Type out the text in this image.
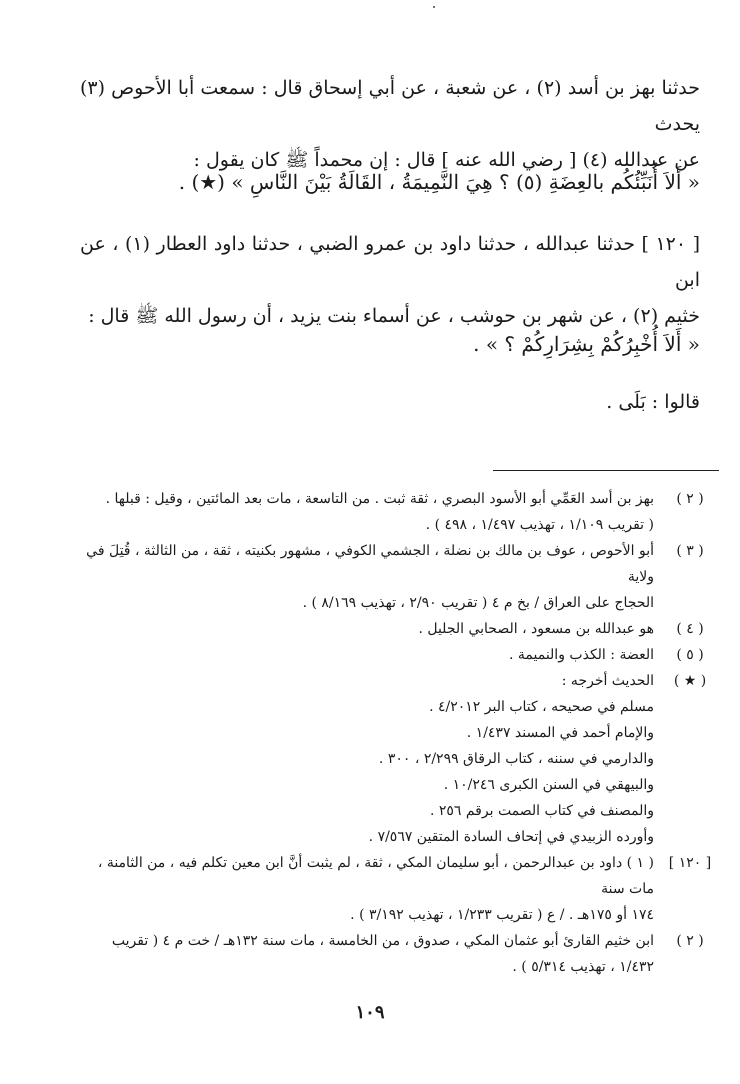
حدثنا بهز بن أسد (٢) ، عن شعبة ، عن أبي إسحاق قال : سمعت أبا الأحوص (٣) يحدث

عن عبدالله (٤) [ رضي الله عنه ] قال : إن محمداً ﷺ كان يقول :

« أَلاَ أُنَبِّئُكُم بالعِضَةِ (٥) ؟ هِيَ النَّمِيمَةُ ، القَالَةُ بَيْنَ النَّاسِ » (★) .

[ ١٢٠ ] حدثنا عبدالله ، حدثنا داود بن عمرو الضبي ، حدثنا داود العطار (١) ، عن ابن

خثيم (٢) ، عن شهر بن حوشب ، عن أسماء بنت يزيد ، أن رسول الله ﷺ قال :

« أَلاَ أُخْبِرُكُمْ بِشِرَارِكُمْ ؟ » .

قالوا : بَلَى .

( ٢ )
بهز بن أسد العَمِّي أبو الأسود البصري ، ثقة ثبت . من التاسعة ، مات بعد المائتين ، وقيل : قبلها .
( تقريب ١/١٠٩ ، تهذيب ١/٤٩٧ ، ٤٩٨ ) .
( ٣ )
أبو الأحوص ، عوف بن مالك بن نضلة ، الجشمي الكوفي ، مشهور بكنيته ، ثقة ، من الثالثة ، قُتِلَ في ولاية
الحجاج على العراق / بخ م ٤ ( تقريب ٢/٩٠ ، تهذيب ٨/١٦٩ ) .
( ٤ )
هو عبدالله بن مسعود ، الصحابي الجليل .
( ٥ )
العضة : الكذب والنميمة .
( ★ )
الحديث أخرجه :
مسلم في صحيحه ، كتاب البر ٤/٢٠١٢ .
والإمام أحمد في المسند ١/٤٣٧ .
والدارمي في سننه ، كتاب الرقاق ٢/٢٩٩ ، ٣٠٠ .
والبيهقي في السنن الكبرى ١٠/٢٤٦ .
والمصنف في كتاب الصمت برقم ٢٥٦ .
وأورده الزبيدي في إتحاف السادة المتقين ٧/٥٦٧ .
[ ١٢٠ ]
( ١ ) داود بن عبدالرحمن ، أبو سليمان المكي ، ثقة ، لم يثبت أنَّ ابن معين تكلم فيه ، من الثامنة ، مات سنة
١٧٤ أو ١٧٥هـ . / ع ( تقريب ١/٢٣٣ ، تهذيب ٣/١٩٢ ) .
( ٢ )
ابن خثيم القارئ أبو عثمان المكي ، صدوق ، من الخامسة ، مات سنة ١٣٢هـ / خت م ٤ ( تقريب
١/٤٣٢ ، تهذيب ٥/٣١٤ ) .
١٠٩
